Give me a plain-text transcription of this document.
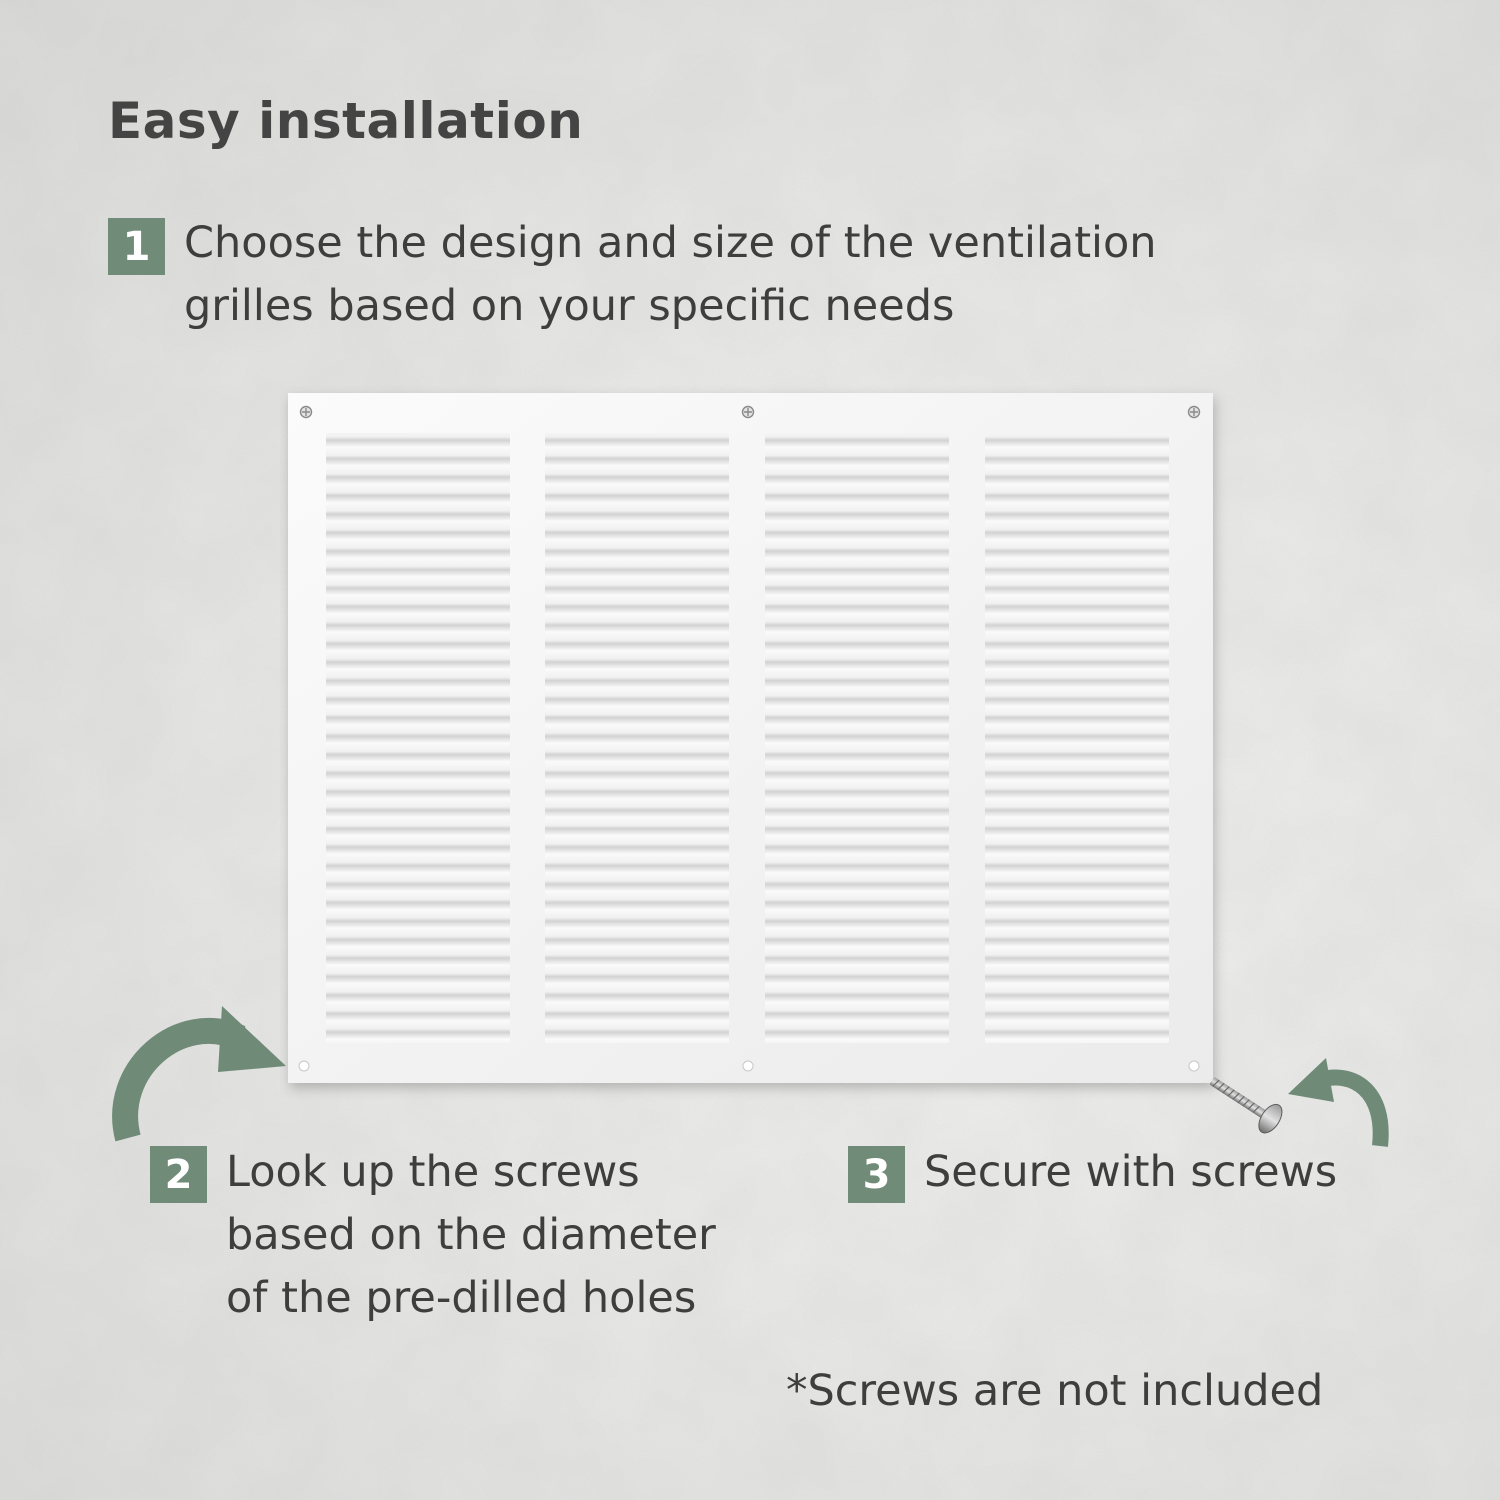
Easy installation
1 Choose the design and size of the ventilation
grilles based on your specific needs
2 Look up the screws
based on the diameter
of the pre-dilled holes
3 Secure with screws
*Screws are not included
